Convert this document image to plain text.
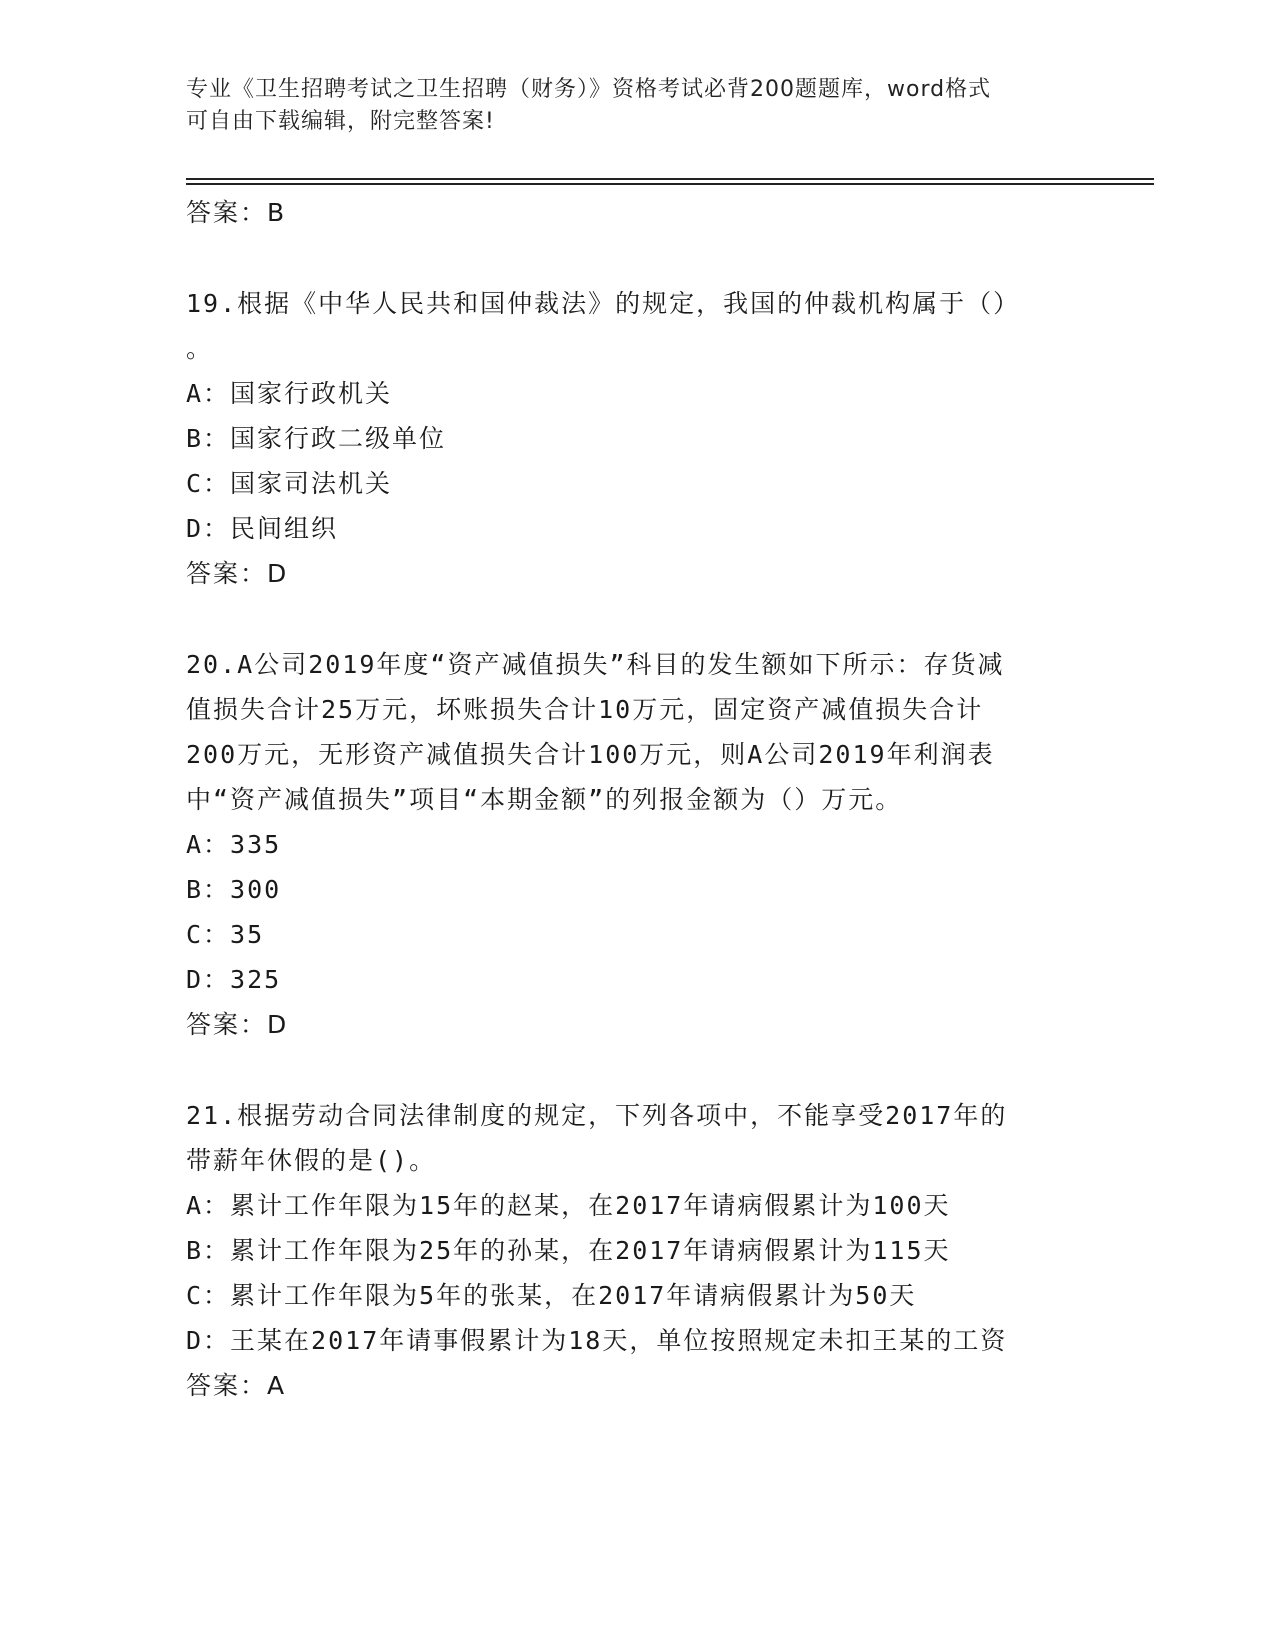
专业《卫生招聘考试之卫生招聘（财务）》资格考试必背200题题库，word格式
可自由下载编辑，附完整答案!
答案：B
19.根据《中华人民共和国仲裁法》的规定，我国的仲裁机构属于（）
。
A：国家行政机关
B：国家行政二级单位
C：国家司法机关
D：民间组织
答案：D
20.A公司2019年度“资产减值损失”科目的发生额如下所示：存货减
值损失合计25万元，坏账损失合计10万元，固定资产减值损失合计
200万元，无形资产减值损失合计100万元，则A公司2019年利润表
中“资产减值损失”项目“本期金额”的列报金额为（）万元。
A：335
B：300
C：35
D：325
答案：D
21.根据劳动合同法律制度的规定，下列各项中，不能享受2017年的
带薪年休假的是()。
A：累计工作年限为15年的赵某，在2017年请病假累计为100天
B：累计工作年限为25年的孙某，在2017年请病假累计为115天
C：累计工作年限为5年的张某，在2017年请病假累计为50天
D：王某在2017年请事假累计为18天，单位按照规定未扣王某的工资
答案：A
